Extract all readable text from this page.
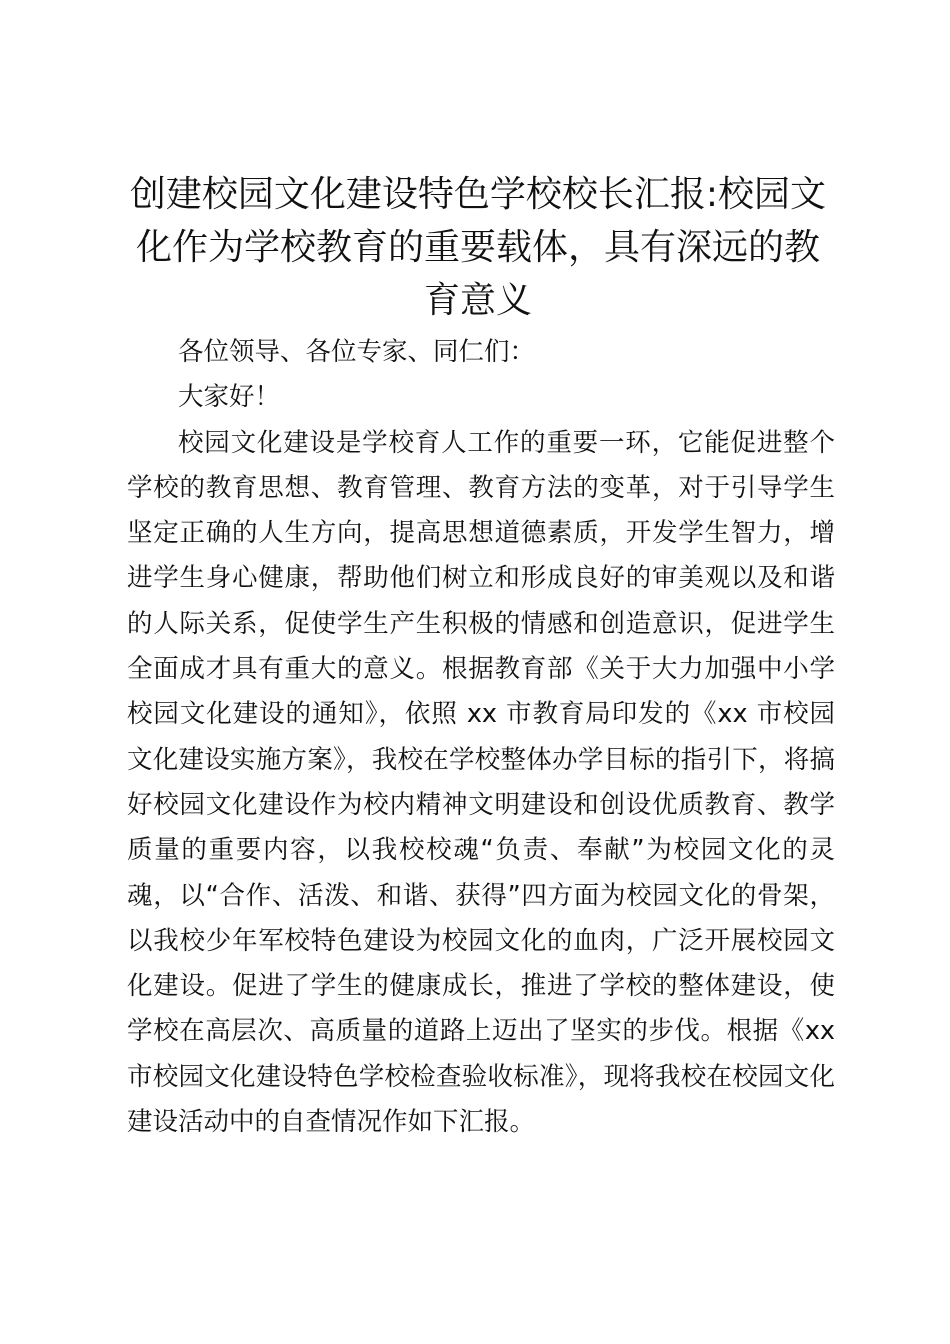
创建校园文化建设特色学校校长汇报:校园文化作为学校教育的重要载体，具有深远的教育意义

各位领导、各位专家、同仁们：

大家好！

校园文化建设是学校育人工作的重要一环，它能促进整个学校的教育思想、教育管理、教育方法的变革，对于引导学生坚定正确的人生方向，提高思想道德素质，开发学生智力，增进学生身心健康，帮助他们树立和形成良好的审美观以及和谐的人际关系，促使学生产生积极的情感和创造意识，促进学生全面成才具有重大的意义。根据教育部《关于大力加强中小学校园文化建设的通知》，依照 xx 市教育局印发的《xx 市校园文化建设实施方案》，我校在学校整体办学目标的指引下，将搞好校园文化建设作为校内精神文明建设和创设优质教育、教学质量的重要内容，以我校校魂“负责、奉献”为校园文化的灵魂，以“合作、活泼、和谐、获得”四方面为校园文化的骨架，以我校少年军校特色建设为校园文化的血肉，广泛开展校园文化建设。促进了学生的健康成长，推进了学校的整体建设，使学校在高层次、高质量的道路上迈出了坚实的步伐。根据《xx 市校园文化建设特色学校检查验收标准》，现将我校在校园文化建设活动中的自查情况作如下汇报。
